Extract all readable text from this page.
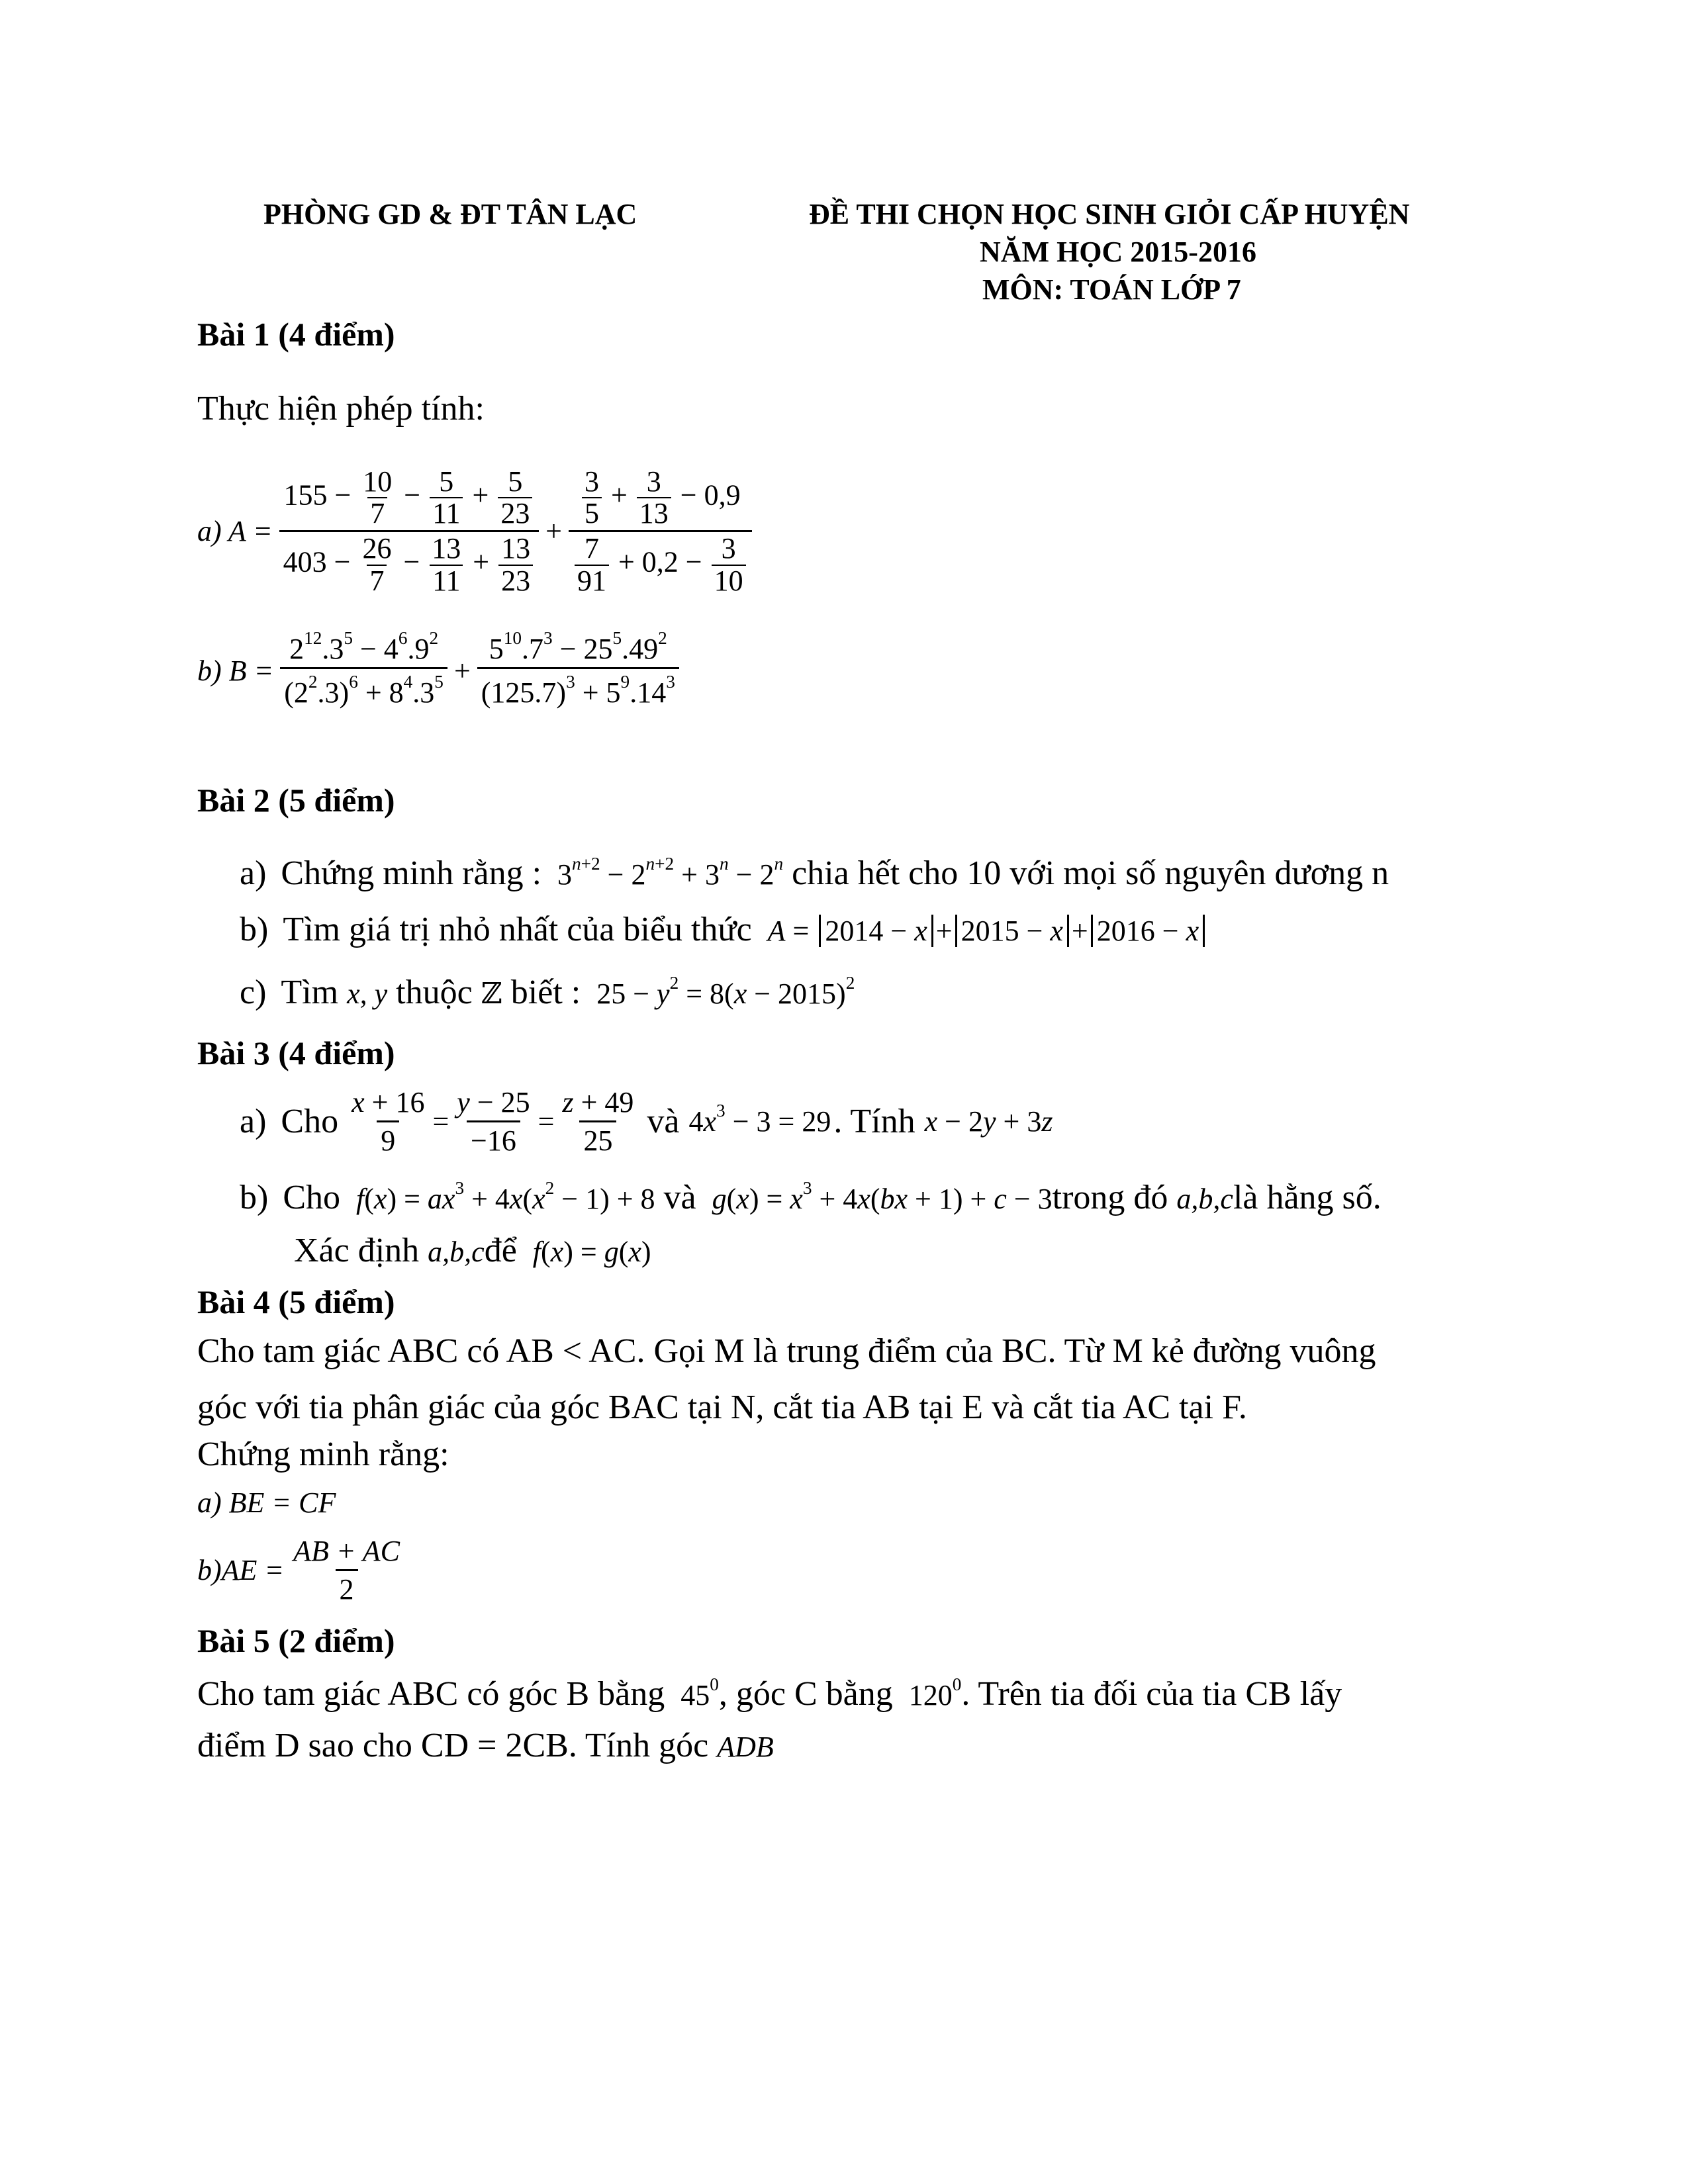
PHÒNG GD & ĐT TÂN LẠC	ĐỀ THI CHỌN HỌC SINH GIỎI CẤP HUYỆN
NĂM HỌC 2015-2016
MÔN: TOÁN LỚP 7
Bài 1 (4 điểm)
Thực hiện phép tính:
a) $A = \frac{155 - \frac{10}{7} - \frac{5}{11} + \frac{5}{23}}{403 - \frac{26}{7} - \frac{13}{11} + \frac{13}{23}} + \frac{\frac{3}{5} + \frac{3}{13} - 0,9}{\frac{7}{91} + 0,2 - \frac{3}{10}}$
b) $B = \frac{2^{12}.3^5 - 4^6.9^2}{(2^2.3)^6 + 8^4.3^5} + \frac{5^{10}.7^3 - 25^5.49^2}{(125.7)^3 + 5^9.14^3}$
Bài 2 (5 điểm)
a) Chứng minh rằng :  $3^{n+2} - 2^{n+2} + 3^n - 2^n$ chia hết cho 10 với mọi số nguyên dương n
b) Tìm giá trị nhỏ nhất của biểu thức A = 2014 − x + 2015 − x + 2016 − x
c) Tìm x, y thuộc ℤ biết :  $25 - y^2 = 8(x - 2015)^2$
Bài 3 (4 điểm)
a) Cho $\frac{x + 16}{9} = \frac{y - 25}{-16} = \frac{z + 49}{25}$ và $4x^3 - 3 = 29$ . Tính x − 2y + 3z
b) Cho $f(x) = ax^3 + 4x(x^2 - 1) + 8$ và $g(x) = x^3 + 4x(bx + 1) + c$ − 3trong đó a,b,clà hằng số.
Xác định a,b,cđể f(x) = g(x)
Bài 4 (5 điểm)
Cho tam giác ABC có AB < AC. Gọi M là trung điểm của BC. Từ M kẻ đường vuông
góc với tia phân giác của góc BAC tại N, cắt tia AB tại E và cắt tia AC tại F.
Chứng minh rằng:
a) BE = CF
$b)AE = \frac{AB + AC}{2}$
Bài 5 (2 điểm)
Cho tam giác ABC có góc B bằng  $45^0$, góc C bằng  $120^0$. Trên tia đối của tia CB lấy
điểm D sao cho CD = 2CB. Tính góc ADB
